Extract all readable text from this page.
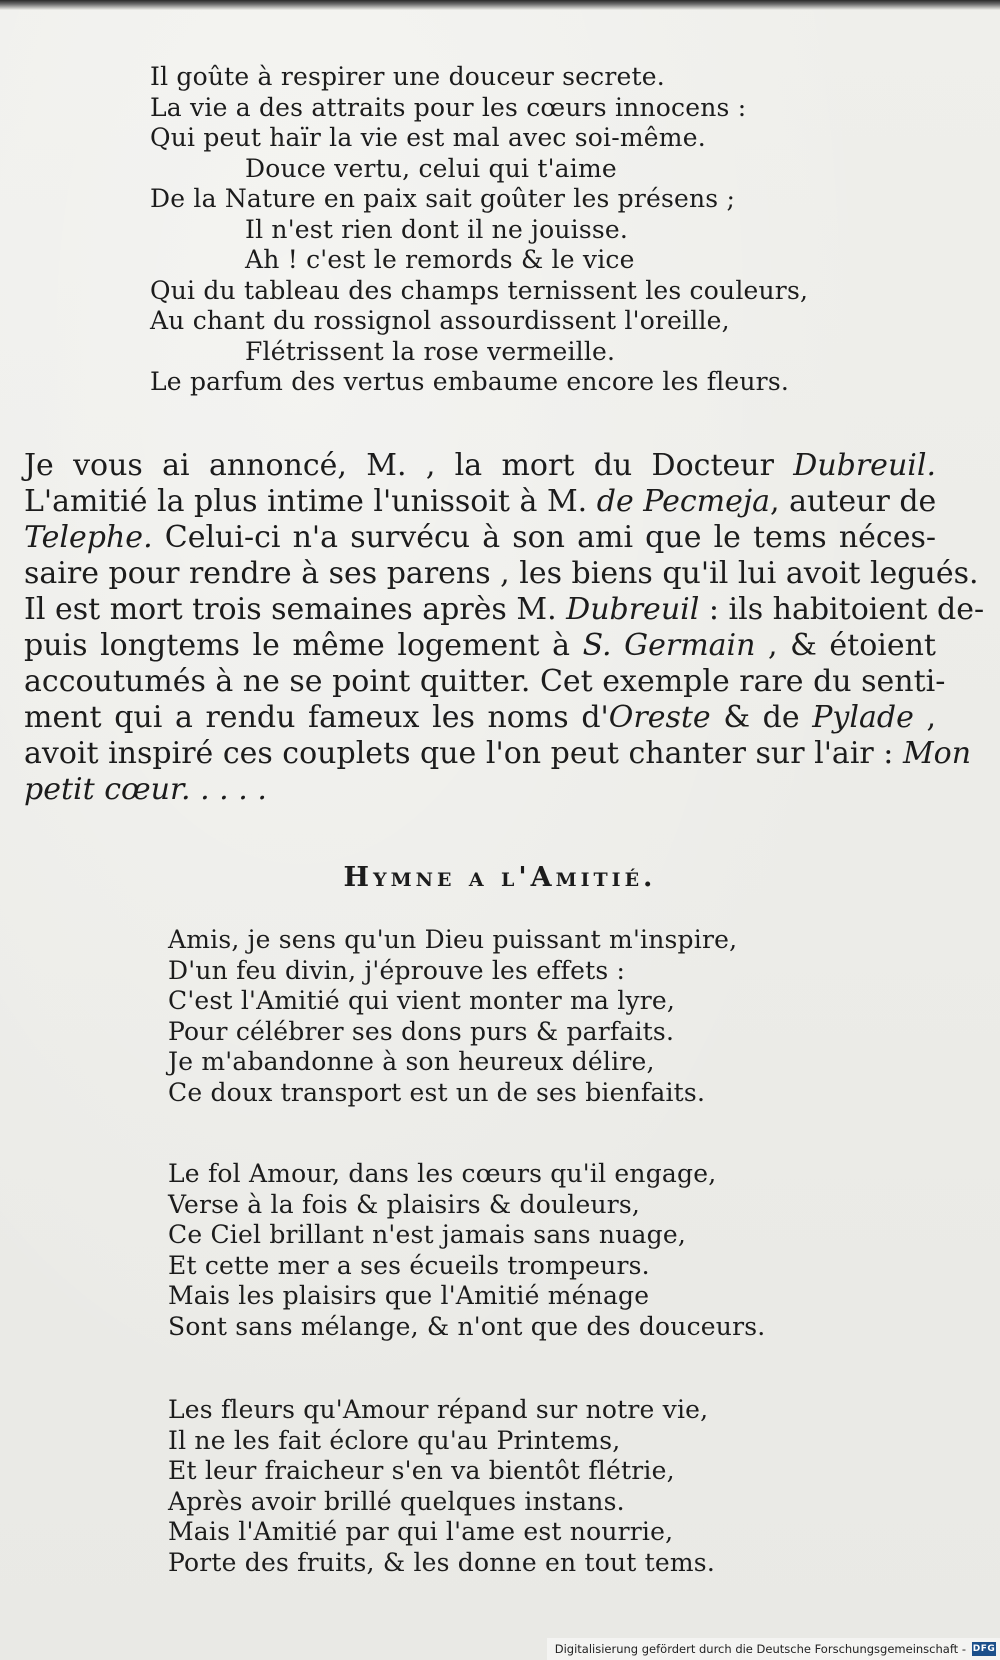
Il goûte à respirer une douceur secrete.
La vie a des attraits pour les cœurs innocens :
Qui peut haïr la vie est mal avec soi-même.
Douce vertu, celui qui t'aime
De la Nature en paix sait goûter les présens ;
Il n'est rien dont il ne jouisse.
Ah ! c'est le remords & le vice
Qui du tableau des champs ternissent les couleurs,
Au chant du rossignol assourdissent l'oreille,
Flétrissent la rose vermeille.
Le parfum des vertus embaume encore les fleurs.
Je vous ai annoncé, M. , la mort du Docteur Dubreuil.
L'amitié la plus intime l'unissoit à M. de Pecmeja, auteur de
Telephe. Celui-ci n'a survécu à son ami que le tems néces-
saire pour rendre à ses parens , les biens qu'il lui avoit legués.
Il est mort trois semaines après M. Dubreuil : ils habitoient de-
puis longtems le même logement à S. Germain , & étoient
accoutumés à ne se point quitter. Cet exemple rare du senti-
ment qui a rendu fameux les noms d'Oreste & de Pylade ,
avoit inspiré ces couplets que l'on peut chanter sur l'air : Mon
petit cœur. . . . .
Hymne a l'Amitié.
Amis, je sens qu'un Dieu puissant m'inspire,
D'un feu divin, j'éprouve les effets :
C'est l'Amitié qui vient monter ma lyre,
Pour célébrer ses dons purs & parfaits.
Je m'abandonne à son heureux délire,
Ce doux transport est un de ses bienfaits.
Le fol Amour, dans les cœurs qu'il engage,
Verse à la fois & plaisirs & douleurs,
Ce Ciel brillant n'est jamais sans nuage,
Et cette mer a ses écueils trompeurs.
Mais les plaisirs que l'Amitié ménage
Sont sans mélange, & n'ont que des douceurs.
Les fleurs qu'Amour répand sur notre vie,
Il ne les fait éclore qu'au Printems,
Et leur fraicheur s'en va bientôt flétrie,
Après avoir brillé quelques instans.
Mais l'Amitié par qui l'ame est nourrie,
Porte des fruits, & les donne en tout tems.
Digitalisierung gefördert durch die Deutsche Forschungsgemeinschaft - DFG
